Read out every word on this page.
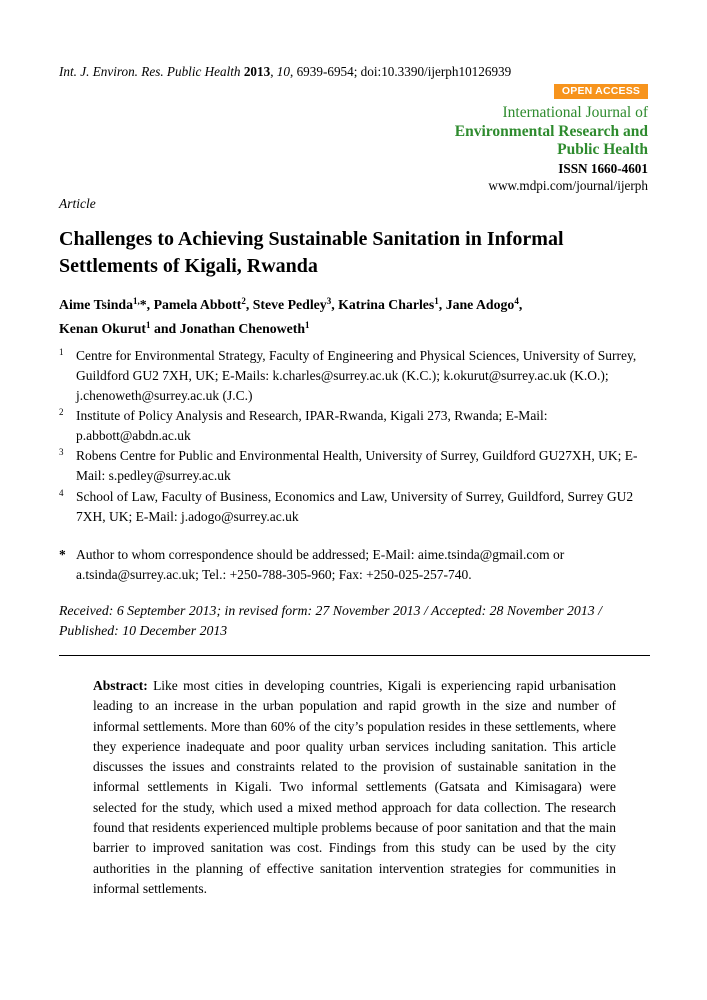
Int. J. Environ. Res. Public Health 2013, 10, 6939-6954; doi:10.3390/ijerph10126939
OPEN ACCESS
International Journal of
Environmental Research and
Public Health
ISSN 1660-4601
www.mdpi.com/journal/ijerph
Article
Challenges to Achieving Sustainable Sanitation in Informal Settlements of Kigali, Rwanda
Aime Tsinda$^{1,}$*, Pamela Abbott$^2$, Steve Pedley$^3$, Katrina Charles$^1$, Jane Adogo$^4$,
Kenan Okurut$^1$ and Jonathan Chenoweth$^1$
1 Centre for Environmental Strategy, Faculty of Engineering and Physical Sciences, University of Surrey, Guildford GU2 7XH, UK; E-Mails: k.charles@surrey.ac.uk (K.C.); k.okurut@surrey.ac.uk (K.O.); j.chenoweth@surrey.ac.uk (J.C.)
2 Institute of Policy Analysis and Research, IPAR-Rwanda, Kigali 273, Rwanda; E-Mail: p.abbott@abdn.ac.uk
3 Robens Centre for Public and Environmental Health, University of Surrey, Guildford GU27XH, UK; E-Mail: s.pedley@surrey.ac.uk
4 School of Law, Faculty of Business, Economics and Law, University of Surrey, Guildford, Surrey GU2 7XH, UK; E-Mail: j.adogo@surrey.ac.uk
* Author to whom correspondence should be addressed; E-Mail: aime.tsinda@gmail.com or a.tsinda@surrey.ac.uk; Tel.: +250-788-305-960; Fax: +250-025-257-740.
Received: 6 September 2013; in revised form: 27 November 2013 / Accepted: 28 November 2013 / Published: 10 December 2013
Abstract: Like most cities in developing countries, Kigali is experiencing rapid urbanisation leading to an increase in the urban population and rapid growth in the size and number of informal settlements. More than 60% of the city’s population resides in these settlements, where they experience inadequate and poor quality urban services including sanitation. This article discusses the issues and constraints related to the provision of sustainable sanitation in the informal settlements in Kigali. Two informal settlements (Gatsata and Kimisagara) were selected for the study, which used a mixed method approach for data collection. The research found that residents experienced multiple problems because of poor sanitation and that the main barrier to improved sanitation was cost. Findings from this study can be used by the city authorities in the planning of effective sanitation intervention strategies for communities in informal settlements.
